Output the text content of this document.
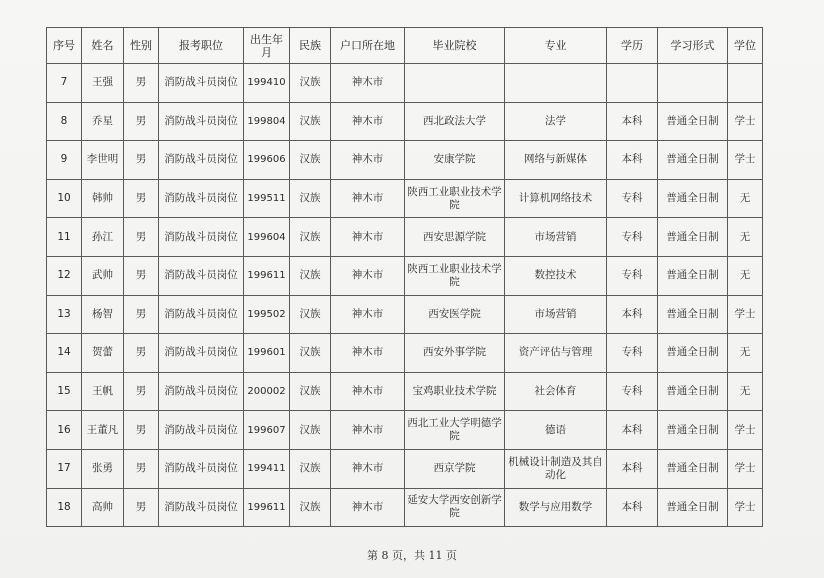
序号	姓名	性别	报考职位	出生年月	民族	户口所在地	毕业院校	专业	学历	学习形式	学位
7	王强	男	消防战斗员岗位	199410	汉族	神木市					
8	乔星	男	消防战斗员岗位	199804	汉族	神木市	西北政法大学	法学	本科	普通全日制	学士
9	李世明	男	消防战斗员岗位	199606	汉族	神木市	安康学院	网络与新媒体	本科	普通全日制	学士
10	韩帅	男	消防战斗员岗位	199511	汉族	神木市	陕西工业职业技术学院	计算机网络技术	专科	普通全日制	无
11	孙江	男	消防战斗员岗位	199604	汉族	神木市	西安思源学院	市场营销	专科	普通全日制	无
12	武帅	男	消防战斗员岗位	199611	汉族	神木市	陕西工业职业技术学院	数控技术	专科	普通全日制	无
13	杨智	男	消防战斗员岗位	199502	汉族	神木市	西安医学院	市场营销	本科	普通全日制	学士
14	贺蕾	男	消防战斗员岗位	199601	汉族	神木市	西安外事学院	资产评估与管理	专科	普通全日制	无
15	王帆	男	消防战斗员岗位	200002	汉族	神木市	宝鸡职业技术学院	社会体育	专科	普通全日制	无
16	王董凡	男	消防战斗员岗位	199607	汉族	神木市	西北工业大学明德学院	德语	本科	普通全日制	学士
17	张勇	男	消防战斗员岗位	199411	汉族	神木市	西京学院	机械设计制造及其自动化	本科	普通全日制	学士
18	高帅	男	消防战斗员岗位	199611	汉族	神木市	延安大学西安创新学院	数学与应用数学	本科	普通全日制	学士
第 8 页，共 11 页
